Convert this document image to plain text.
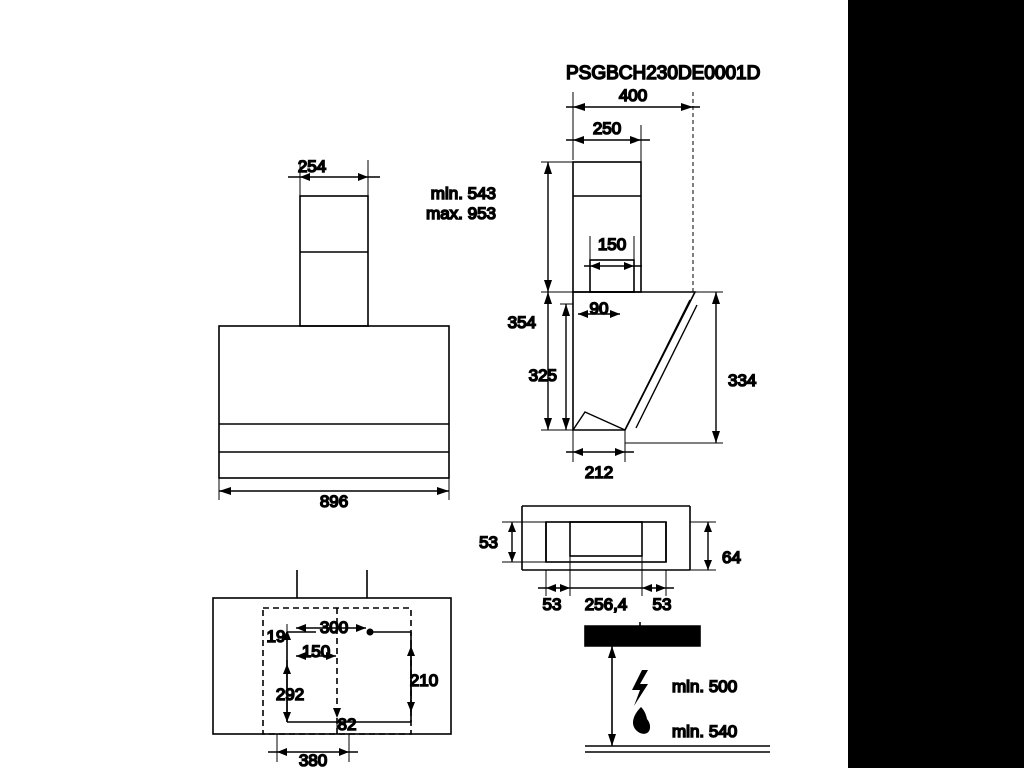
PSGBCH230DE0001D
254
896
400
250
min. 543
max. 953
354
325
150
90
334
212
53
64
53 256,4 53
19 300
150
292
82
210
380
min. 500
min. 540
